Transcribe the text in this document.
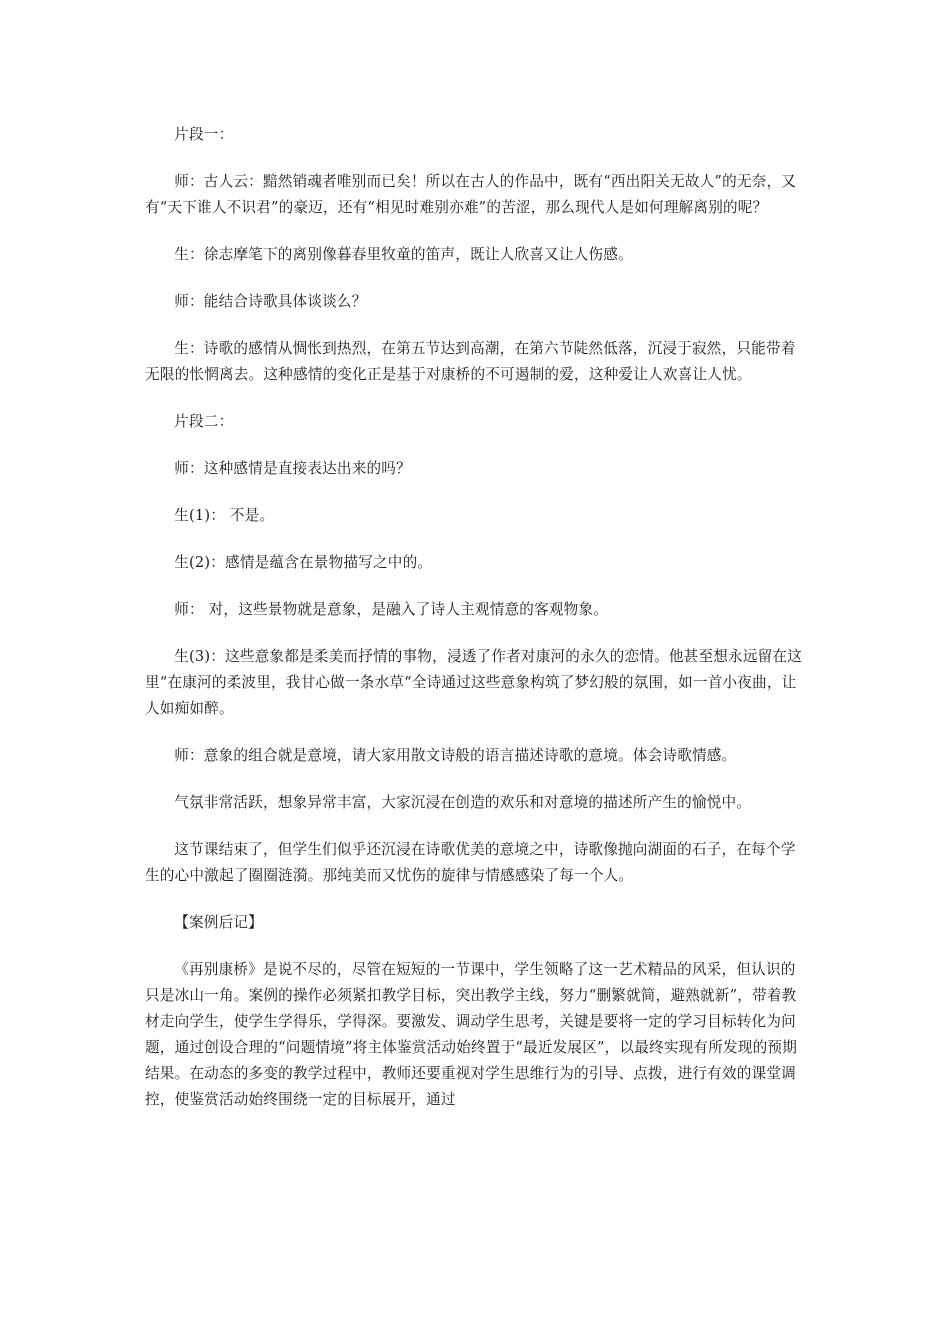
片段一：

师：古人云：黯然销魂者唯别而已矣！所以在古人的作品中，既有“西出阳关无故人”的无奈，又有“天下谁人不识君”的豪迈，还有“相见时难别亦难”的苦涩，那么现代人是如何理解离别的呢？

生：徐志摩笔下的离别像暮春里牧童的笛声，既让人欣喜又让人伤感。

师：能结合诗歌具体谈谈么？

生：诗歌的感情从惆怅到热烈，在第五节达到高潮，在第六节陡然低落，沉浸于寂然，只能带着无限的怅惘离去。这种感情的变化正是基于对康桥的不可遏制的爱，这种爱让人欢喜让人忧。

片段二：

师：这种感情是直接表达出来的吗？

生(1)： 不是。

生(2)：感情是蕴含在景物描写之中的。

师： 对，这些景物就是意象，是融入了诗人主观情意的客观物象。

生(3)：这些意象都是柔美而抒情的事物，浸透了作者对康河的永久的恋情。他甚至想永远留在这里“在康河的柔波里，我甘心做一条水草“全诗通过这些意象构筑了梦幻般的氛围，如一首小夜曲，让人如痴如醉。

师：意象的组合就是意境，请大家用散文诗般的语言描述诗歌的意境。体会诗歌情感。

气氛非常活跃，想象异常丰富，大家沉浸在创造的欢乐和对意境的描述所产生的愉悦中。

这节课结束了，但学生们似乎还沉浸在诗歌优美的意境之中，诗歌像抛向湖面的石子，在每个学生的心中激起了圈圈涟漪。那纯美而又忧伤的旋律与情感感染了每一个人。

【案例后记】

《再别康桥》是说不尽的，尽管在短短的一节课中，学生领略了这一艺术精品的风采，但认识的只是冰山一角。案例的操作必须紧扣教学目标，突出教学主线，努力“删繁就简，避熟就新”，带着教材走向学生，使学生学得乐，学得深。要激发、调动学生思考，关键是要将一定的学习目标转化为问题，通过创设合理的“问题情境”将主体鉴赏活动始终置于“最近发展区”，以最终实现有所发现的预期结果。在动态的多变的教学过程中，教师还要重视对学生思维行为的引导、点拨，进行有效的课堂调控，使鉴赏活动始终围绕一定的目标展开，通过
